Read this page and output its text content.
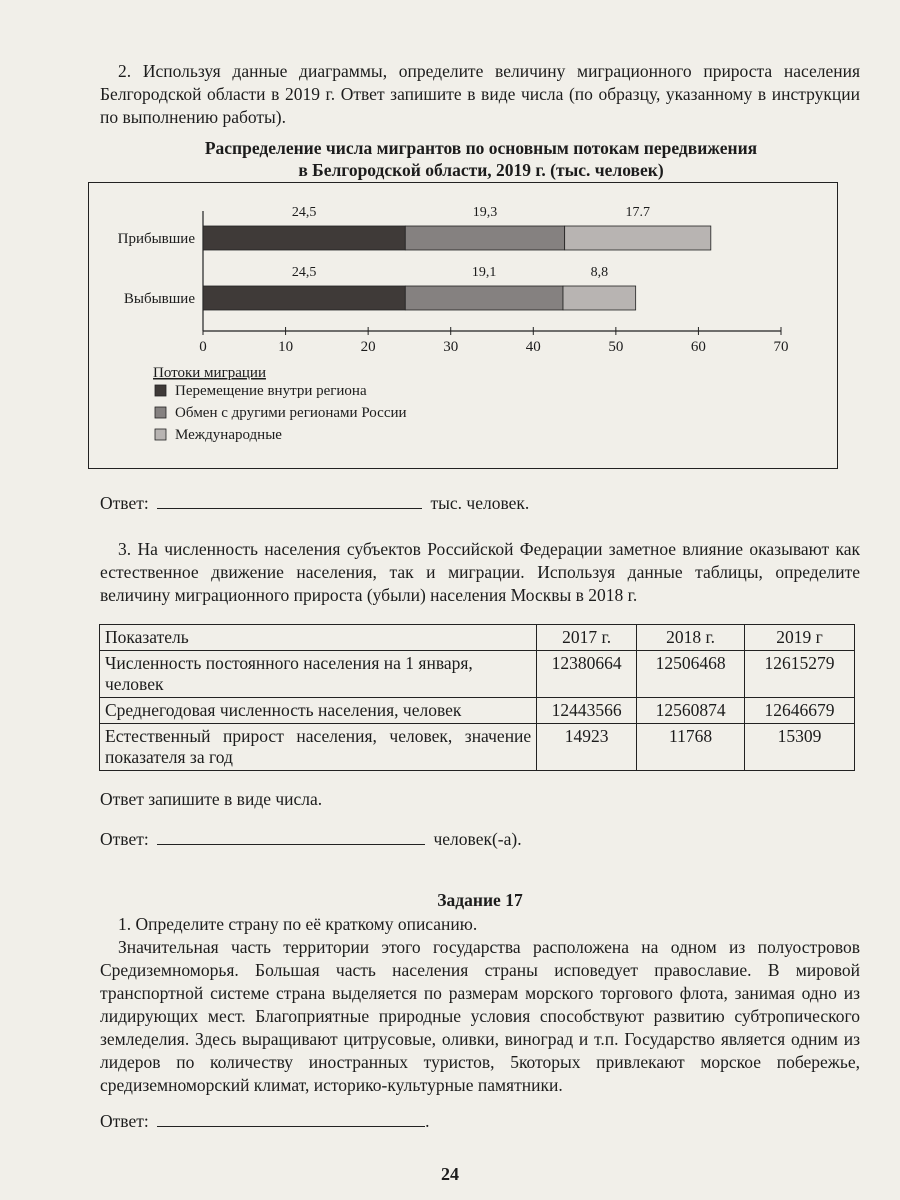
2. Используя данные диаграммы, определите величину миграционного прироста населения Белгородской области в 2019 г. Ответ запишите в виде числа (по образцу, указанному в инструкции по выполнению работы).

Распределение числа мигрантов по основным потокам передвижения
в Белгородской области, 2019 г. (тыс. человек)

0	10	20	30	40	50	60	70
Прибывшие
Выбывшие
24,5	19,3	17.7
24,5	19,1	8,8
Потоки миграции
Перемещение внутри региона
Обмен с другими регионами России
Международные
Ответ:	тыс. человек.

3. На численность населения субъектов Российской Федерации заметное влияние оказывают как естественное движение населения, так и миграции. Используя данные таблицы, определите величину миграционного прироста (убыли) населения Москвы в 2018 г.

Показатель	2017 г.	2018 г.	2019 г
Численность постоянного населения на 1 января, человек	12380664	12506468	12615279
Среднегодовая численность населения, человек	12443566	12560874	12646679
Естественный прирост населения, человек, значение показателя за год	14923	11768	15309
Ответ запишите в виде числа.
Ответ:	человек(-а).

Задание 17

1. Определите страну по её краткому описанию.

Значительная часть территории этого государства расположена на одном из полуостровов Средиземноморья. Большая часть населения страны исповедует православие. В мировой транспортной системе страна выделяется по размерам морского торгового флота, занимая одно из лидирующих мест. Благоприятные природные условия способствуют развитию субтропического земледелия. Здесь выращивают цитрусовые, оливки, виноград и т.п. Государство является одним из лидеров по количеству иностранных туристов, 5которых привлекают морское побережье, средиземноморский климат, историко-культурные памятники.

Ответ:	.
24
